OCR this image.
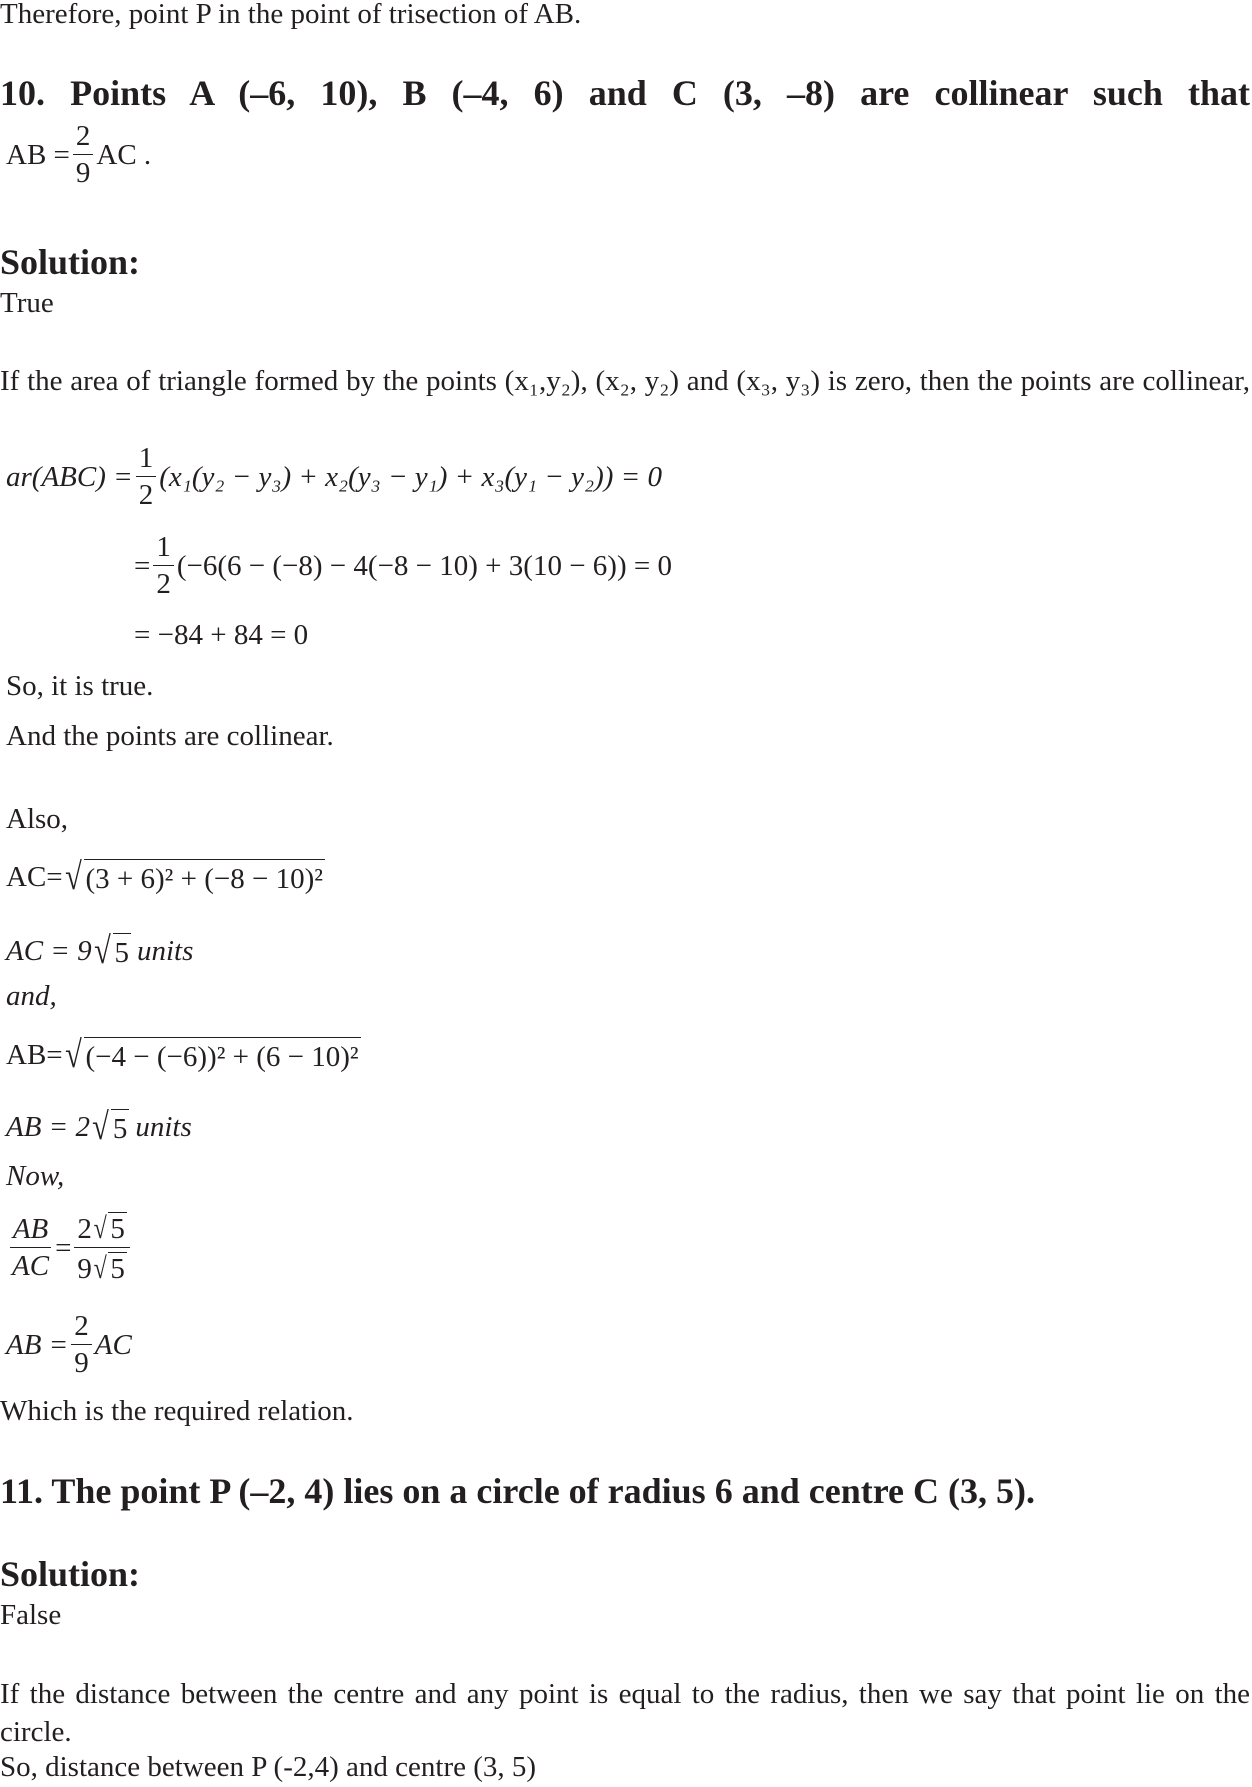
Therefore, point P in the point of trisection of AB.
10. Points A (–6, 10), B (–4, 6) and C (3, –8) are collinear such that
AB = $\frac{2}{9}$ AC .
Solution:
True
If the area of triangle formed by the points (x₁,y₂), (x₂, y₂) and (x₃, y₃) is zero, then the points are collinear,
$ar(ABC) = \frac{1}{2} (x_1(y_2 - y_3) + x_2(y_3 - y_1) + x_3(y_1 - y_2)) = 0$
= $\frac{1}{2} (-6(6 - (-8) - 4(-8 - 10) + 3(10 - 6)) = 0$
= −84 + 84 = 0
So, it is true.
And the points are collinear.
Also,
AC= √ (3 + 6)² + (−8 − 10)²
AC = 9 √ 5 units
and,
AB= √ (−4 − (−6))² + (6 − 10)²
AB = 2 √ 5 units
Now,
$\frac{AB}{AC} = \frac{2 √ 5}{9 √ 5}$
AB = $\frac{2}{9}$ AC
Which is the required relation.
11. The point P (–2, 4) lies on a circle of radius 6 and centre C (3, 5).
Solution:
False
If the distance between the centre and any point is equal to the radius, then we say that point lie on the circle.
So, distance between P (-2,4) and centre (3, 5)
